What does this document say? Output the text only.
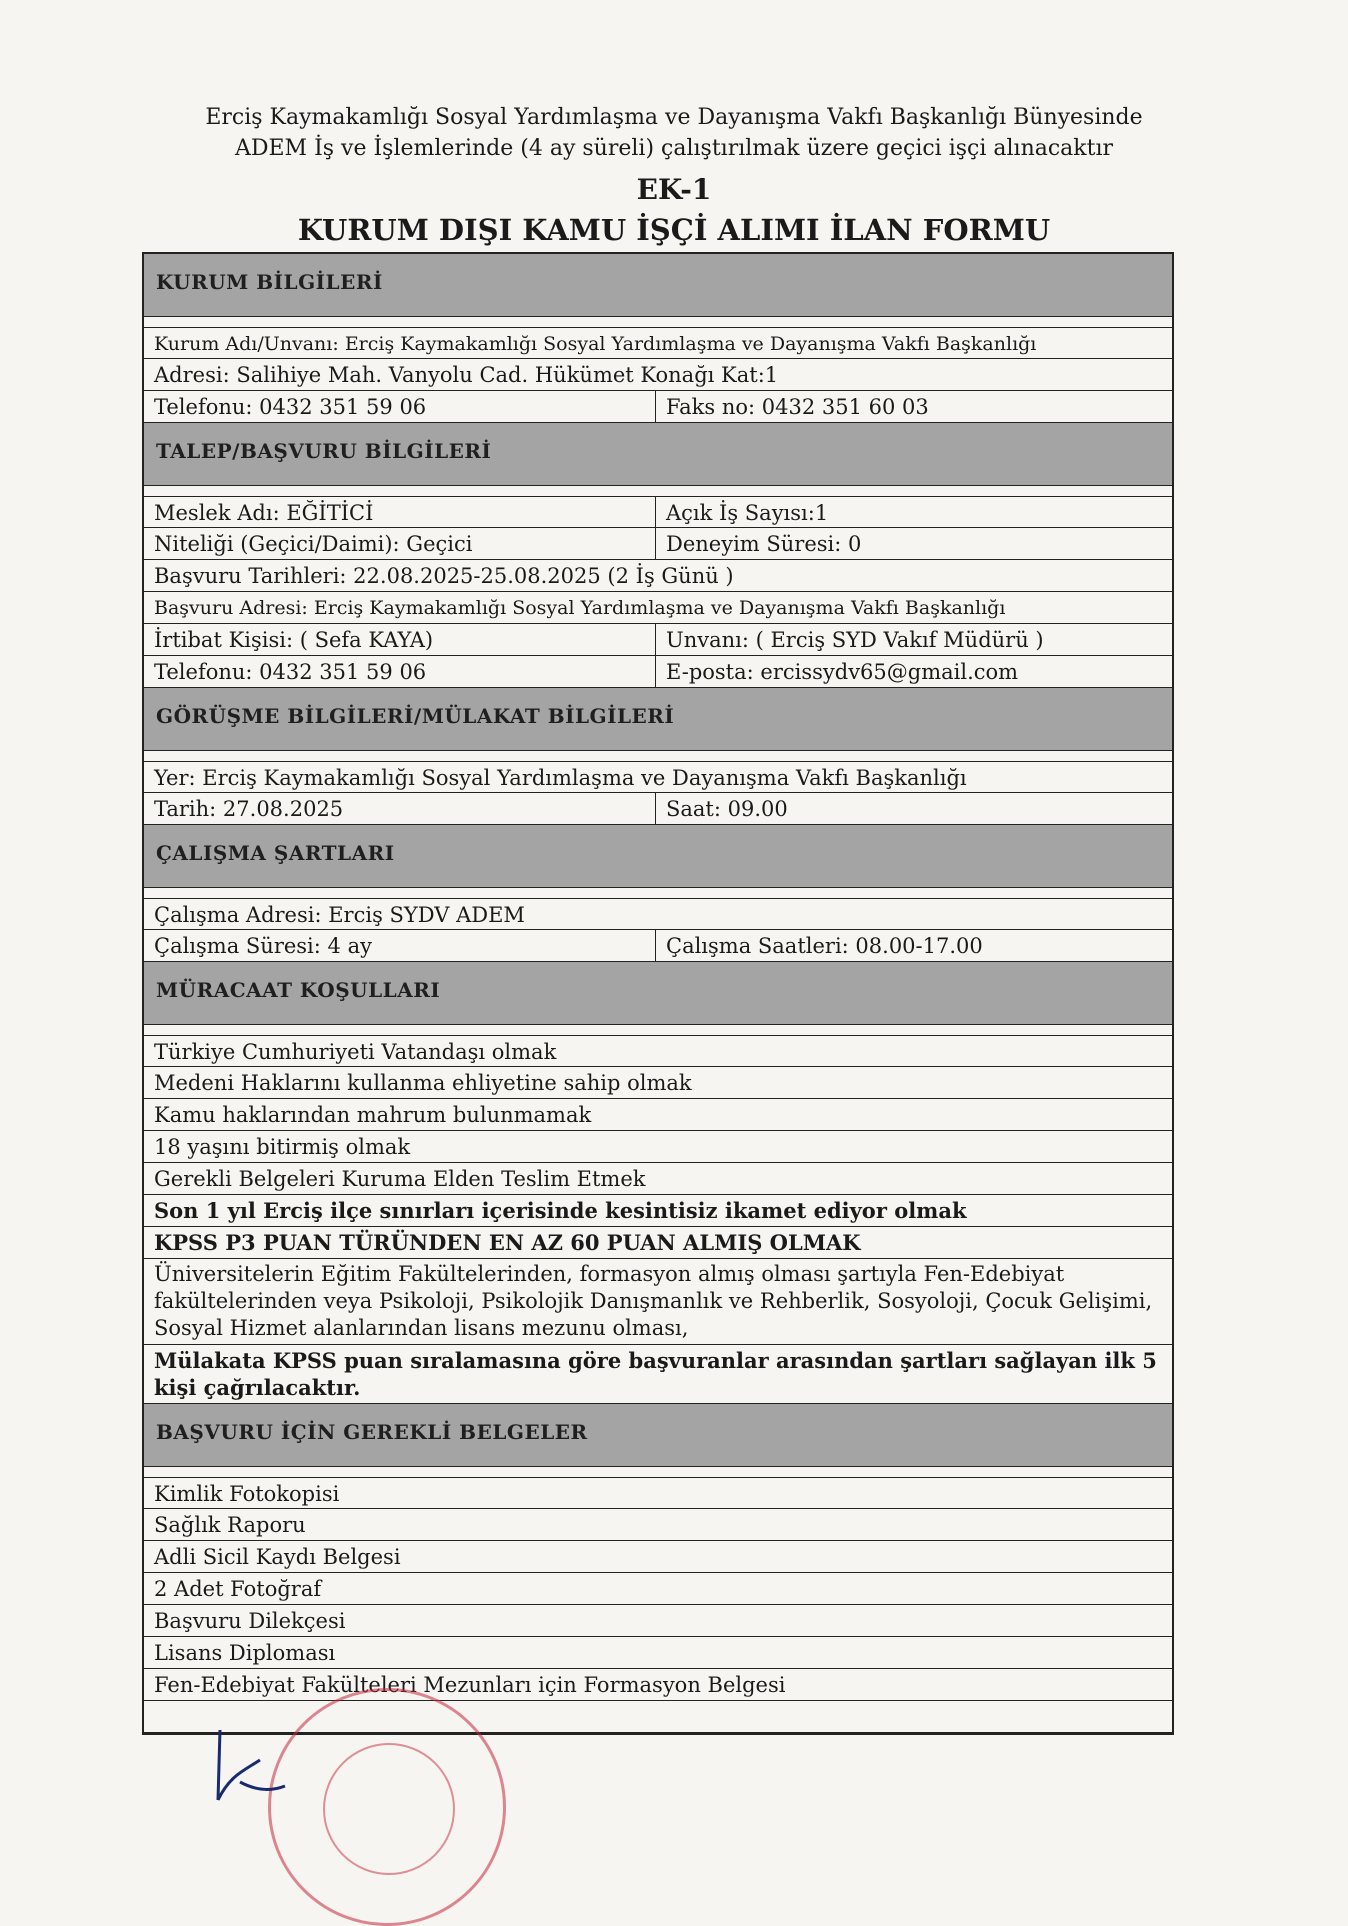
Erciş Kaymakamlığı Sosyal Yardımlaşma ve Dayanışma Vakfı Başkanlığı Bünyesinde
ADEM İş ve İşlemlerinde (4 ay süreli) çalıştırılmak üzere geçici işçi alınacaktır
EK-1
KURUM DIŞI KAMU İŞÇİ ALIMI İLAN FORMU
KURUM BİLGİLERİ
Kurum Adı/Unvanı: Erciş Kaymakamlığı Sosyal Yardımlaşma ve Dayanışma Vakfı Başkanlığı
Adresi: Salihiye Mah. Vanyolu Cad. Hükümet Konağı Kat:1
Telefonu: 0432 351 59 06	Faks no: 0432 351 60 03
TALEP/BAŞVURU BİLGİLERİ
Meslek Adı: EĞİTİCİ	Açık İş Sayısı:1
Niteliği (Geçici/Daimi): Geçici	Deneyim Süresi: 0
Başvuru Tarihleri: 22.08.2025-25.08.2025 (2 İş Günü )
Başvuru Adresi: Erciş Kaymakamlığı Sosyal Yardımlaşma ve Dayanışma Vakfı Başkanlığı
İrtibat Kişisi: ( Sefa KAYA)	Unvanı: ( Erciş SYD Vakıf Müdürü )
Telefonu: 0432 351 59 06	E-posta: ercissydv65@gmail.com
GÖRÜŞME BİLGİLERİ/MÜLAKAT BİLGİLERİ
Yer: Erciş Kaymakamlığı Sosyal Yardımlaşma ve Dayanışma Vakfı Başkanlığı
Tarih: 27.08.2025	Saat: 09.00
ÇALIŞMA ŞARTLARI
Çalışma Adresi: Erciş SYDV ADEM
Çalışma Süresi: 4 ay	Çalışma Saatleri: 08.00-17.00
MÜRACAAT KOŞULLARI
Türkiye Cumhuriyeti Vatandaşı olmak
Medeni Haklarını kullanma ehliyetine sahip olmak
Kamu haklarından mahrum bulunmamak
18 yaşını bitirmiş olmak
Gerekli Belgeleri Kuruma Elden Teslim Etmek
Son 1 yıl Erciş ilçe sınırları içerisinde kesintisiz ikamet ediyor olmak
KPSS P3 PUAN TÜRÜNDEN EN AZ 60 PUAN ALMIŞ OLMAK
Üniversitelerin Eğitim Fakültelerinden, formasyon almış olması şartıyla Fen-Edebiyat fakültelerinden veya Psikoloji, Psikolojik Danışmanlık ve Rehberlik, Sosyoloji, Çocuk Gelişimi, Sosyal Hizmet alanlarından lisans mezunu olması,
Mülakata KPSS puan sıralamasına göre başvuranlar arasından şartları sağlayan ilk 5 kişi çağrılacaktır.
BAŞVURU İÇİN GEREKLİ BELGELER
Kimlik Fotokopisi
Sağlık Raporu
Adli Sicil Kaydı Belgesi
2 Adet Fotoğraf
Başvuru Dilekçesi
Lisans Diploması
Fen-Edebiyat Fakülteleri Mezunları için Formasyon Belgesi
